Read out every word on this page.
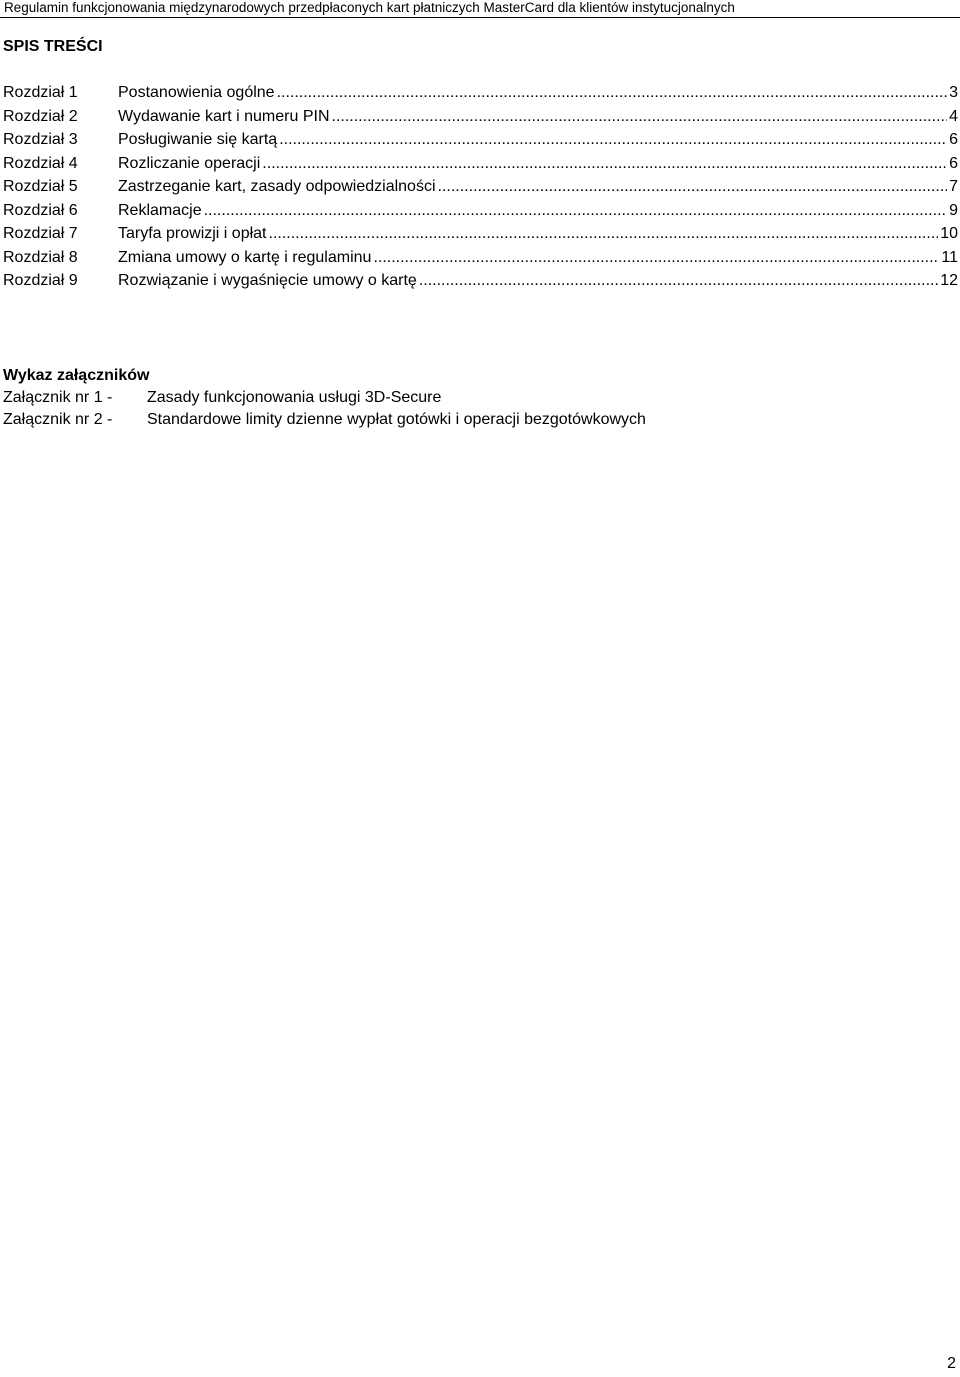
Regulamin funkcjonowania międzynarodowych przedpłaconych kart płatniczych MasterCard dla klientów instytucjonalnych
SPIS TREŚCI
Rozdział 1	Postanowienia ogólne .....	3
Rozdział 2	Wydawanie kart i numeru PIN .....	4
Rozdział 3	Posługiwanie się kartą .....	6
Rozdział 4	Rozliczanie operacji .....	6
Rozdział 5	Zastrzeganie kart, zasady odpowiedzialności .....	7
Rozdział 6	Reklamacje .....	9
Rozdział 7	Taryfa prowizji i opłat .....	10
Rozdział 8	Zmiana umowy o kartę i regulaminu .....	11
Rozdział 9	Rozwiązanie i wygaśnięcie umowy o kartę .....	12
Wykaz załączników
Załącznik nr 1 -	Zasady funkcjonowania usługi 3D-Secure
Załącznik nr 2 -	Standardowe limity dzienne wypłat gotówki i operacji bezgotówkowych
2
